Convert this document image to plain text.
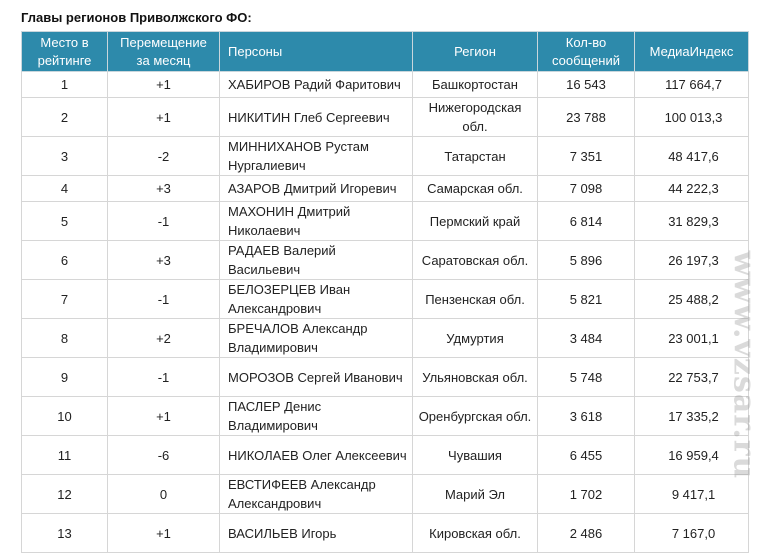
Главы регионов Приволжского ФО:
Место в рейтинге	Перемещение за месяц	Персоны	Регион	Кол-во сообщений	МедиаИндекс
1	+1	ХАБИРОВ Радий Фаритович	Башкортостан	16 543	117 664,7
2	+1	НИКИТИН Глеб Сергеевич	Нижегородская обл.	23 788	100 013,3
3	-2	МИННИХАНОВ Рустам Нургалиевич	Татарстан	7 351	48 417,6
4	+3	АЗАРОВ Дмитрий Игоревич	Самарская обл.	7 098	44 222,3
5	-1	МАХОНИН Дмитрий Николаевич	Пермский край	6 814	31 829,3
6	+3	РАДАЕВ Валерий Васильевич	Саратовская обл.	5 896	26 197,3
7	-1	БЕЛОЗЕРЦЕВ Иван Александрович	Пензенская обл.	5 821	25 488,2
8	+2	БРЕЧАЛОВ Александр Владимирович	Удмуртия	3 484	23 001,1
9	-1	МОРОЗОВ Сергей Иванович	Ульяновская обл.	5 748	22 753,7
10	+1	ПАСЛЕР Денис Владимирович	Оренбургская обл.	3 618	17 335,2
11	-6	НИКОЛАЕВ Олег Алексеевич	Чувашия	6 455	16 959,4
12	0	ЕВСТИФЕЕВ Александр Александрович	Марий Эл	1 702	9 417,1
13	+1	ВАСИЛЬЕВ Игорь	Кировская обл.	2 486	7 167,0
www.vzsar.ru
